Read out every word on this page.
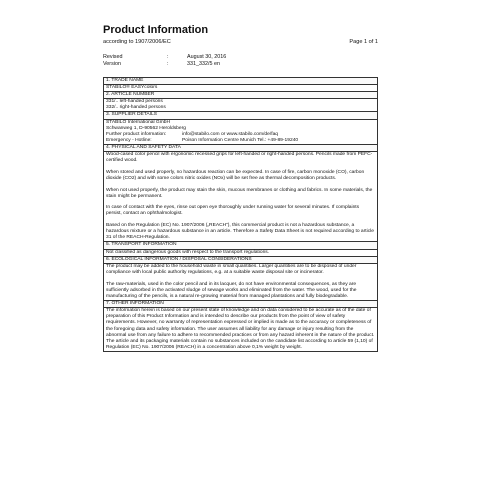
Product Information
according to 1907/2006/EC	Page 1 of 1
Revised	:	August 30, 2016
Version	:	331_332/5 en
1. TRADE NAME
STABILO® EASYcolors
2. ARTICLE NUMBER
331/.. left-handed persons
332/.. right-handed persons
3. SUPPLIER DETAILS
STABILO International GmbH
Schwanweg 1, D-90562 Heroldsberg
Further product information:	info@stabilo.com or www.stabilo.com/de/faq
Emergency - Hotline:	Poison Information Centre Munich Tel.: +49-89-19240
4. PHYSICAL AND SAFETY DATA

Wood-cased color pencil with ergonomic recessed grips for left-handed or right-handed persons. Pencils made from PEFC-certified wood.

When stored and used properly, no hazardous reaction can be expected. In case of fire, carbon monoxide (CO), carbon dioxide (CO2) and with some colors nitric oxides (NOx) will be set free as thermal decomposition products.

When not used properly, the product may stain the skin, mucous membranes or clothing and fabrics. In some materials, the stain might be permanent.

In case of contact with the eyes, rinse out open eye thoroughly under running water for several minutes. If complaints persist, contact an ophthalmologist.

Based on the Regulation (EC) No. 1907/2006 („REACH“), this commercial product is not a hazardous substance, a hazardous mixture or a hazardous substance in an article. Therefore a Safety Data Sheet is not required according to article 31 of the REACH-Regulation.

5. TRANSPORT INFORMATION
Not classified as dangerous goods with respect to the transport regulations.
6. ECOLOGICAL INFORMATION / DISPOSAL CONSIDERATIONS

The product may be added to the household waste in small quantities. Larger quantities are to be disposed of under compliance with local public authority regulations, e.g. at a suitable waste disposal site or incinerator.

The raw-materials, used in the color pencil and in its lacquer, do not have environmental consequences, as they are sufficiently adsorbed in the activated sludge of sewage works and eliminated from the water. The wood, used for the manufacturing of the pencils, is a natural re-growing material from managed plantations and fully biodegradable.

7. OTHER INFORMATION

The information herein is based on our present state of knowledge and on data considered to be accurate as of the date of preparation of this Product Information and is intended to describe our products from the point of view of safety requirements. However, no warranty of representation expressed or implied is made as to the accuracy or completeness of the foregoing data and safety information. The user assumes all liability for any damage or injury resulting from the abnormal use from any failure to adhere to recommended practices or from any hazard inherent in the nature of the product. The article and its packaging materials contain no substances included on the candidate list according to article 59 (1,10) of Regulation (EC) No. 1907/2006 (REACH) in a concentration above 0,1% weight by weight.
